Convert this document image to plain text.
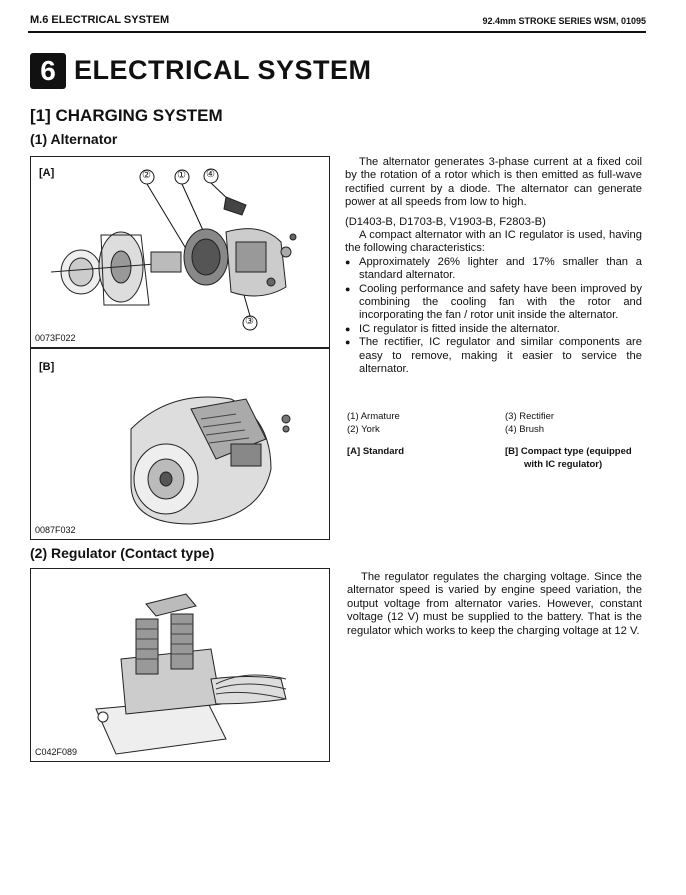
M.6 ELECTRICAL SYSTEM	92.4mm STROKE SERIES WSM, 01095
6 ELECTRICAL SYSTEM
[1] CHARGING SYSTEM
(1) Alternator
[A]	②
0073F022
① ④
③
[B]
0087F032

The alternator generates 3-phase current at a fixed coil by the rotation of a rotor which is then emitted as full-wave rectified current by a diode. The alternator can generate power at all speeds from low to high.

(D1403-B, D1703-B, V1903-B, F2803-B)

A compact alternator with an IC regulator is used, having the following characteristics:

● Approximately 26% lighter and 17% smaller than a standard alternator.
● Cooling performance and safety have been improved by combining the cooling fan with the rotor and incorporating the fan / rotor unit inside the alternator.
● IC regulator is fitted inside the alternator.
● The rectifier, IC regulator and similar components are easy to remove, making it easier to service the alternator.
(1) Armature
(2) York
(3) Rectifier
(4) Brush
[A] Standard	[B] Compact type (equipped
with IC regulator)
(2) Regulator (Contact type)
C042F089

The regulator regulates the charging voltage. Since the alternator speed is varied by engine speed variation, the output voltage from alternator varies. However, constant voltage (12 V) must be supplied to the battery. That is the regulator which works to keep the charging voltage at 12 V.
